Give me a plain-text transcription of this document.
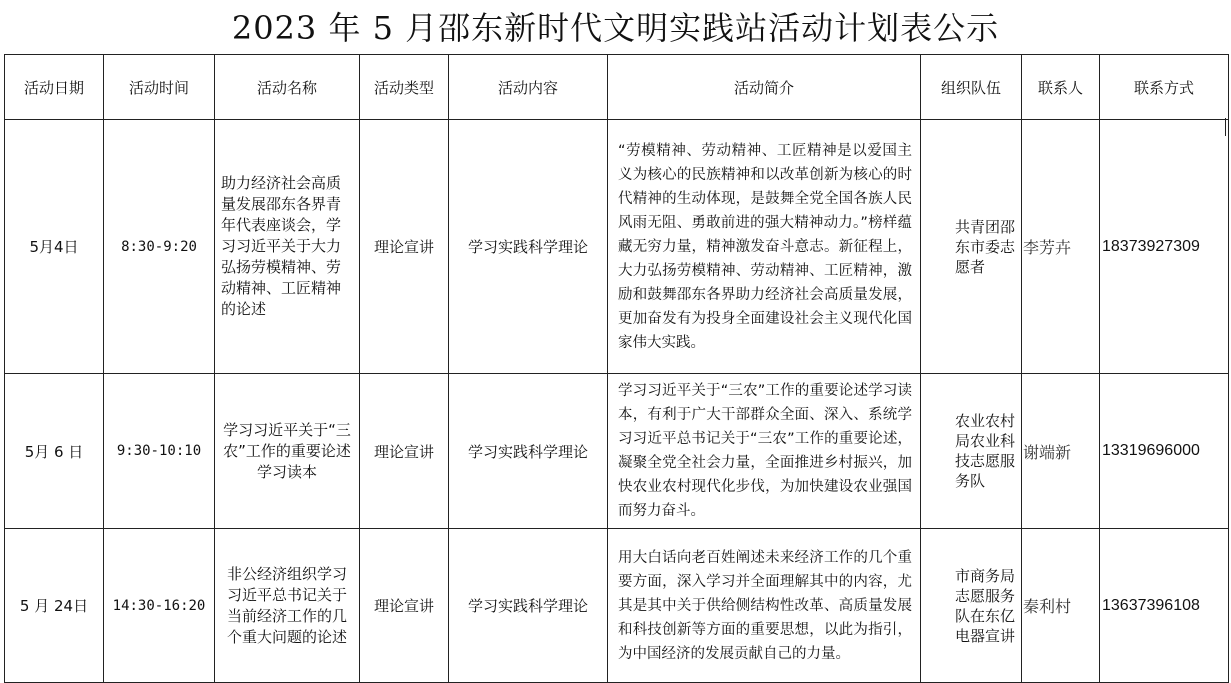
2023 年 5 月邵东新时代文明实践站活动计划表公示
活动日期	活动时间	活动名称	活动类型	活动内容	活动简介	组织队伍	联系人	联系方式
5月4日	8:30-9:20	助力经济社会高质量发展邵东各界青年代表座谈会，学习习近平关于大力弘扬劳模精神、劳动精神、工匠精神的论述	理论宣讲	学习实践科学理论	“劳模精神、劳动精神、工匠精神是以爱国主义为核心的民族精神和以改革创新为核心的时代精神的生动体现，是鼓舞全党全国各族人民风雨无阻、勇敢前进的强大精神动力。”榜样蕴藏无穷力量，精神激发奋斗意志。新征程上，大力弘扬劳模精神、劳动精神、工匠精神，激励和鼓舞邵东各界助力经济社会高质量发展，更加奋发有为投身全面建设社会主义现代化国家伟大实践。	共青团邵东市委志愿者	李芳卉	18373927309
5月 6 日	9:30-10:10	学习习近平关于“三农”工作的重要论述学习读本	理论宣讲	学习实践科学理论	学习习近平关于“三农”工作的重要论述学习读本，有利于广大干部群众全面、深入、系统学习习近平总书记关于“三农”工作的重要论述，凝聚全党全社会力量，全面推进乡村振兴，加快农业农村现代化步伐，为加快建设农业强国而努力奋斗。	农业农村局农业科技志愿服务队	谢端新	13319696000
5 月 24日	14:30-16:20	非公经济组织学习习近平总书记关于当前经济工作的几个重大问题的论述	理论宣讲	学习实践科学理论	用大白话向老百姓阐述未来经济工作的几个重要方面，深入学习并全面理解其中的内容，尤其是其中关于供给侧结构性改革、高质量发展和科技创新等方面的重要思想，以此为指引，为中国经济的发展贡献自己的力量。	市商务局志愿服务队在东亿电器宣讲	秦利村	13637396108
